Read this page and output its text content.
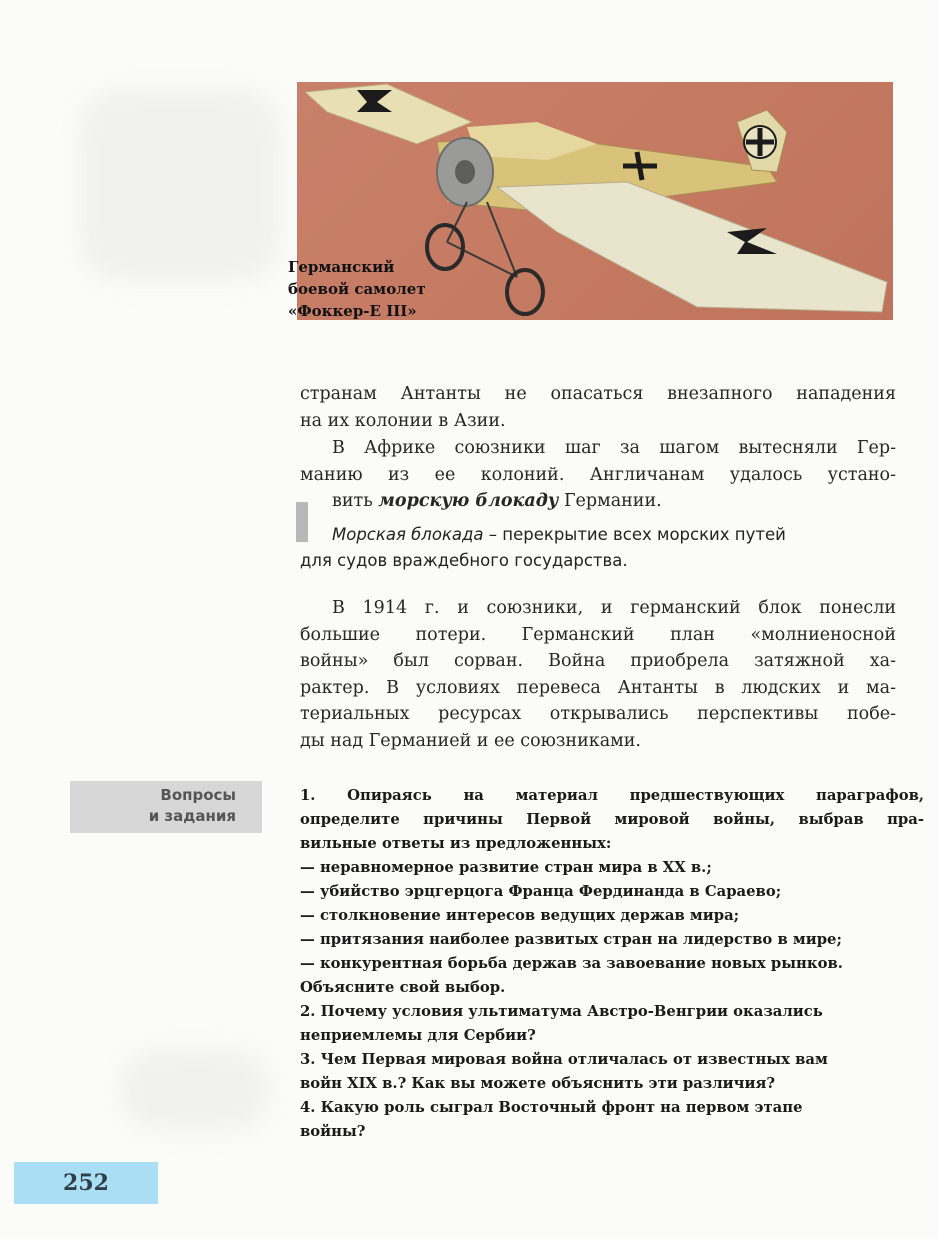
Германский
боевой самолет
«Фоккер-Е III»
странам Антанты не опасаться внезапного нападения
на их колонии в Азии.
В Африке союзники шаг за шагом вытесняли Гер-
манию из ее колоний. Англичанам удалось устано-
вить морскую блокаду Германии.
Морская блокада – перекрытие всех морских путей
для судов враждебного государства.
В 1914 г. и союзники, и германский блок понесли
большие потери. Германский план «молниеносной
войны» был сорван. Война приобрела затяжной ха-
рактер. В условиях перевеса Антанты в людских и ма-
териальных ресурсах открывались перспективы побе-
ды над Германией и ее союзниками.
Вопросы
и задания
1. Опираясь на материал предшествующих параграфов,
определите причины Первой мировой войны, выбрав пра-
вильные ответы из предложенных:
— неравномерное развитие стран мира в XX в.;
— убийство эрцгерцога Франца Фердинанда в Сараево;
— столкновение интересов ведущих держав мира;
— притязания наиболее развитых стран на лидерство в мире;
— конкурентная борьба держав за завоевание новых рынков.
Объясните свой выбор.
2. Почему условия ультиматума Австро-Венгрии оказались
неприемлемы для Сербии?
3. Чем Первая мировая война отличалась от известных вам
войн XIX в.? Как вы можете объяснить эти различия?
4. Какую роль сыграл Восточный фронт на первом этапе
войны?
252
